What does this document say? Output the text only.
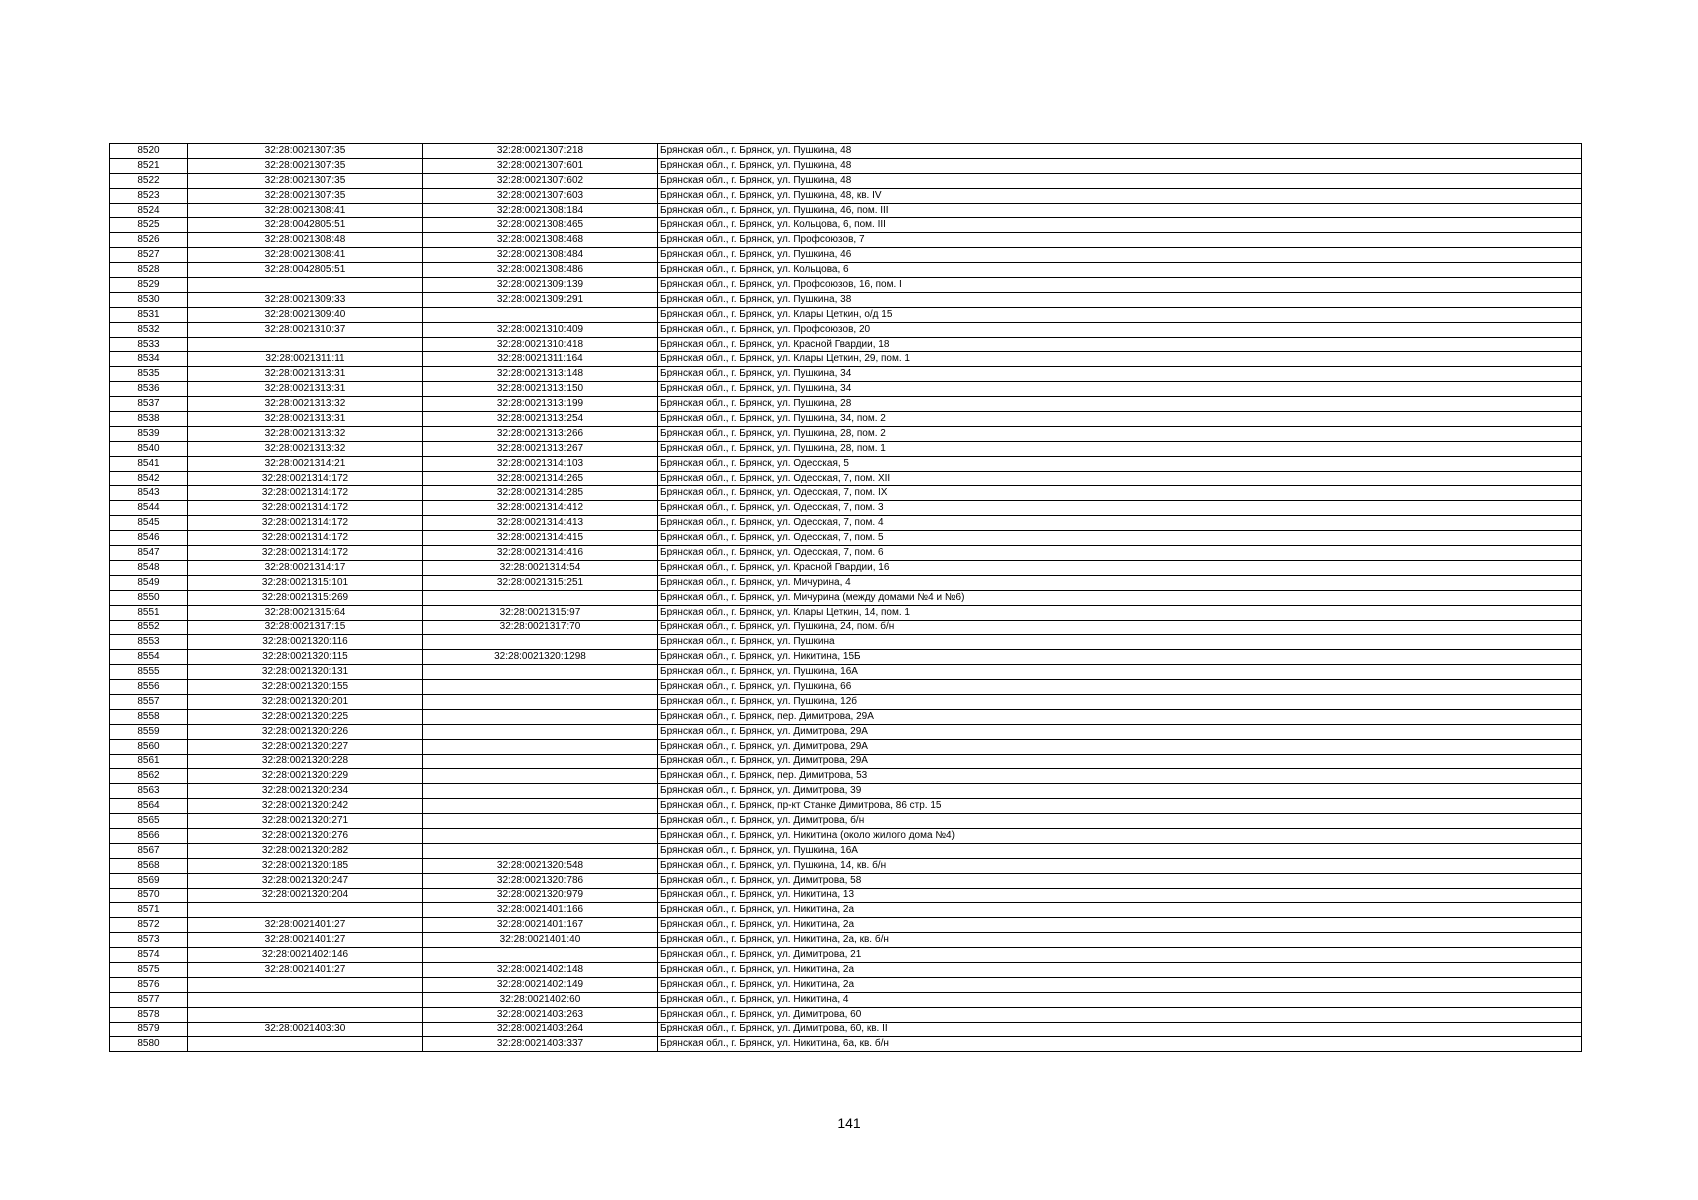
8520	32:28:0021307:35	32:28:0021307:218	Брянская обл., г. Брянск, ул. Пушкина, 48
8521	32:28:0021307:35	32:28:0021307:601	Брянская обл., г. Брянск, ул. Пушкина, 48
8522	32:28:0021307:35	32:28:0021307:602	Брянская обл., г. Брянск, ул. Пушкина, 48
8523	32:28:0021307:35	32:28:0021307:603	Брянская обл., г. Брянск, ул. Пушкина, 48, кв. IV
8524	32:28:0021308:41	32:28:0021308:184	Брянская обл., г. Брянск, ул. Пушкина, 46, пом. III
8525	32:28:0042805:51	32:28:0021308:465	Брянская обл., г. Брянск, ул. Кольцова, 6, пом. III
8526	32:28:0021308:48	32:28:0021308:468	Брянская обл., г. Брянск, ул. Профсоюзов, 7
8527	32:28:0021308:41	32:28:0021308:484	Брянская обл., г. Брянск, ул. Пушкина, 46
8528	32:28:0042805:51	32:28:0021308:486	Брянская обл., г. Брянск, ул. Кольцова, 6
8529		32:28:0021309:139	Брянская обл., г. Брянск, ул. Профсоюзов, 16, пом. I
8530	32:28:0021309:33	32:28:0021309:291	Брянская обл., г. Брянск, ул. Пушкина, 38
8531	32:28:0021309:40		Брянская обл., г. Брянск, ул. Клары Цеткин, о/д 15
8532	32:28:0021310:37	32:28:0021310:409	Брянская обл., г. Брянск, ул. Профсоюзов, 20
8533		32:28:0021310:418	Брянская обл., г. Брянск, ул. Красной Гвардии, 18
8534	32:28:0021311:11	32:28:0021311:164	Брянская обл., г. Брянск, ул. Клары Цеткин, 29, пом. 1
8535	32:28:0021313:31	32:28:0021313:148	Брянская обл., г. Брянск, ул. Пушкина, 34
8536	32:28:0021313:31	32:28:0021313:150	Брянская обл., г. Брянск, ул. Пушкина, 34
8537	32:28:0021313:32	32:28:0021313:199	Брянская обл., г. Брянск, ул. Пушкина, 28
8538	32:28:0021313:31	32:28:0021313:254	Брянская обл., г. Брянск, ул. Пушкина, 34, пом. 2
8539	32:28:0021313:32	32:28:0021313:266	Брянская обл., г. Брянск, ул. Пушкина, 28, пом. 2
8540	32:28:0021313:32	32:28:0021313:267	Брянская обл., г. Брянск, ул. Пушкина, 28, пом. 1
8541	32:28:0021314:21	32:28:0021314:103	Брянская обл., г. Брянск, ул. Одесская, 5
8542	32:28:0021314:172	32:28:0021314:265	Брянская обл., г. Брянск, ул. Одесская, 7, пом. XII
8543	32:28:0021314:172	32:28:0021314:285	Брянская обл., г. Брянск, ул. Одесская, 7, пом. IX
8544	32:28:0021314:172	32:28:0021314:412	Брянская обл., г. Брянск, ул. Одесская, 7, пом. 3
8545	32:28:0021314:172	32:28:0021314:413	Брянская обл., г. Брянск, ул. Одесская, 7, пом. 4
8546	32:28:0021314:172	32:28:0021314:415	Брянская обл., г. Брянск, ул. Одесская, 7, пом. 5
8547	32:28:0021314:172	32:28:0021314:416	Брянская обл., г. Брянск, ул. Одесская, 7, пом. 6
8548	32:28:0021314:17	32:28:0021314:54	Брянская обл., г. Брянск, ул. Красной Гвардии, 16
8549	32:28:0021315:101	32:28:0021315:251	Брянская обл., г. Брянск, ул. Мичурина, 4
8550	32:28:0021315:269		Брянская обл., г. Брянск, ул. Мичурина (между домами №4 и №6)
8551	32:28:0021315:64	32:28:0021315:97	Брянская обл., г. Брянск, ул. Клары Цеткин, 14, пом. 1
8552	32:28:0021317:15	32:28:0021317:70	Брянская обл., г. Брянск, ул. Пушкина, 24, пом. б/н
8553	32:28:0021320:116		Брянская обл., г. Брянск, ул. Пушкина
8554	32:28:0021320:115	32:28:0021320:1298	Брянская обл., г. Брянск, ул. Никитина, 15Б
8555	32:28:0021320:131		Брянская обл., г. Брянск, ул. Пушкина, 16А
8556	32:28:0021320:155		Брянская обл., г. Брянск, ул. Пушкина, 66
8557	32:28:0021320:201		Брянская обл., г. Брянск, ул. Пушкина, 12б
8558	32:28:0021320:225		Брянская обл., г. Брянск, пер. Димитрова, 29А
8559	32:28:0021320:226		Брянская обл., г. Брянск, ул. Димитрова, 29А
8560	32:28:0021320:227		Брянская обл., г. Брянск, ул. Димитрова, 29А
8561	32:28:0021320:228		Брянская обл., г. Брянск, ул. Димитрова, 29А
8562	32:28:0021320:229		Брянская обл., г. Брянск, пер. Димитрова, 53
8563	32:28:0021320:234		Брянская обл., г. Брянск, ул. Димитрова, 39
8564	32:28:0021320:242		Брянская обл., г. Брянск, пр-кт Станке Димитрова, 86 стр. 15
8565	32:28:0021320:271		Брянская обл., г. Брянск, ул. Димитрова, б/н
8566	32:28:0021320:276		Брянская обл., г. Брянск, ул. Никитина (около жилого дома №4)
8567	32:28:0021320:282		Брянская обл., г. Брянск, ул. Пушкина, 16А
8568	32:28:0021320:185	32:28:0021320:548	Брянская обл., г. Брянск, ул. Пушкина, 14, кв. б/н
8569	32:28:0021320:247	32:28:0021320:786	Брянская обл., г. Брянск, ул. Димитрова, 58
8570	32:28:0021320:204	32:28:0021320:979	Брянская обл., г. Брянск, ул. Никитина, 13
8571		32:28:0021401:166	Брянская обл., г. Брянск, ул. Никитина, 2а
8572	32:28:0021401:27	32:28:0021401:167	Брянская обл., г. Брянск, ул. Никитина, 2а
8573	32:28:0021401:27	32:28:0021401:40	Брянская обл., г. Брянск, ул. Никитина, 2а, кв. б/н
8574	32:28:0021402:146		Брянская обл., г. Брянск, ул. Димитрова, 21
8575	32:28:0021401:27	32:28:0021402:148	Брянская обл., г. Брянск, ул. Никитина, 2а
8576		32:28:0021402:149	Брянская обл., г. Брянск, ул. Никитина, 2а
8577		32:28:0021402:60	Брянская обл., г. Брянск, ул. Никитина, 4
8578		32:28:0021403:263	Брянская обл., г. Брянск, ул. Димитрова, 60
8579	32:28:0021403:30	32:28:0021403:264	Брянская обл., г. Брянск, ул. Димитрова, 60, кв. II
8580		32:28:0021403:337	Брянская обл., г. Брянск, ул. Никитина, 6а, кв. б/н
141
